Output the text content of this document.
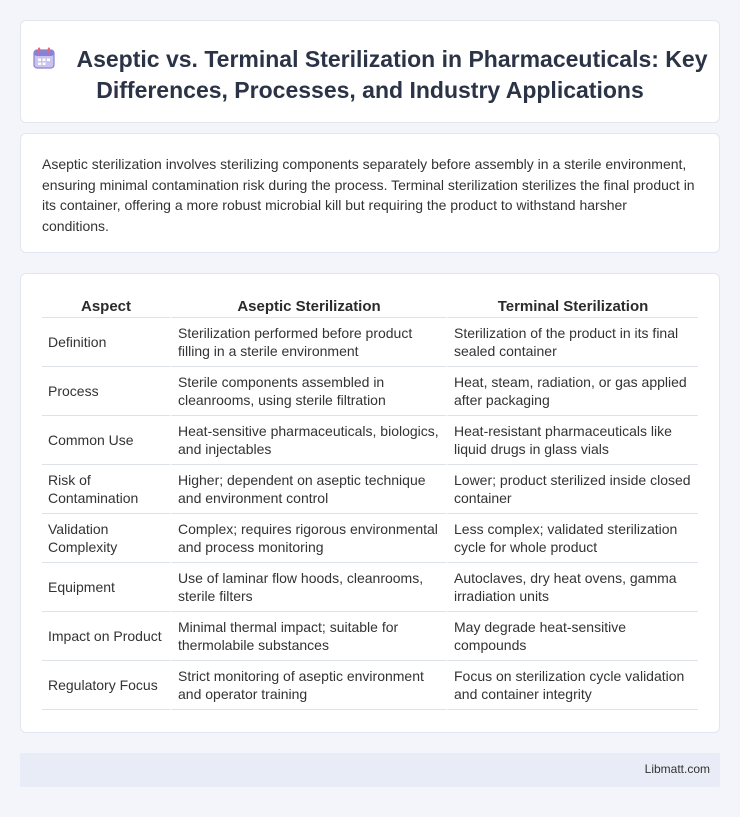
Aseptic vs. Terminal Sterilization in Pharmaceuticals: Key Differences, Processes, and Industry Applications

Aseptic sterilization involves sterilizing components separately before assembly in a sterile environment, ensuring minimal contamination risk during the process. Terminal sterilization sterilizes the final product in its container, offering a more robust microbial kill but requiring the product to withstand harsher conditions.

Aspect	Aseptic Sterilization	Terminal Sterilization
Definition	Sterilization performed before product filling in a sterile environment	Sterilization of the product in its final sealed container
Process	Sterile components assembled in cleanrooms, using sterile filtration	Heat, steam, radiation, or gas applied after packaging
Common Use	Heat-sensitive pharmaceuticals, biologics, and injectables	Heat-resistant pharmaceuticals like liquid drugs in glass vials
Risk of Contamination	Higher; dependent on aseptic technique and environment control	Lower; product sterilized inside closed container
Validation Complexity	Complex; requires rigorous environmental and process monitoring	Less complex; validated sterilization cycle for whole product
Equipment	Use of laminar flow hoods, cleanrooms, sterile filters	Autoclaves, dry heat ovens, gamma irradiation units
Impact on Product	Minimal thermal impact; suitable for thermolabile substances	May degrade heat-sensitive compounds
Regulatory Focus	Strict monitoring of aseptic environment and operator training	Focus on sterilization cycle validation and container integrity
Libmatt.com
